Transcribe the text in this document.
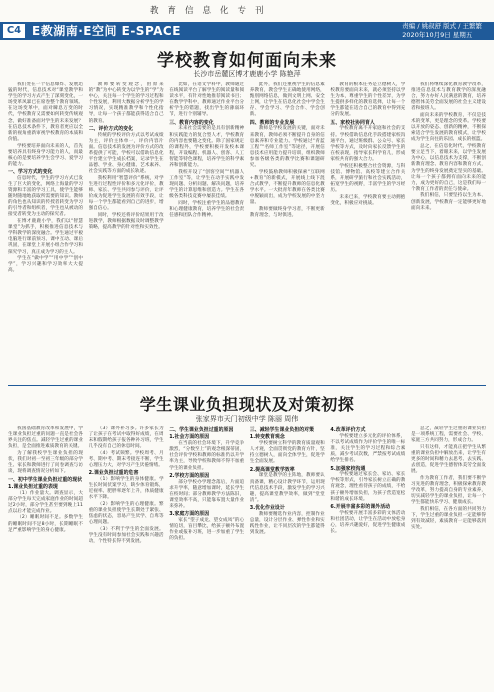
教育信息化专刊
C4 E教湖南·E空间 E-SPACE	责编 / 姚叔舒 版式 / 王繁繁
2020年10月9日 星期五
学校教育如何面向未来
长沙市岳麓区博才鹿鹿小学 陈艳萍

我们处在一个信息爆炸、发展迅猛的时代，信息技术对“课堂教学和学生的学习方式产生了深刻变化，一场变革风暴已在席卷整个教育领域。在这场变革中，面对瞬息万变的时代，学校教育又需要如何转变传统观念，做好准备面对学生的未来发展？在信息技术条件下，教育者更应以全新的视角重新审视学校教育的本质和价值。

学校要培养面向未来的人，首先要培养具有终身学习能力的人，而最核心的是要培养学生会学习、爱学习的能力。

一、学习方式的变化

信息时代，学生的学习方式已发生了巨大的变化，网络上海量的学习资源和丰富的学习工具，使学生能够随时随地地获取所需要的知识。教师的角色也从知识的传授者转变为学习的引导者和组织者，学生也从被动的接受者转变为主动的探究者。

在博才鹿鹿小学，我们以“智慧课堂”为抓手，积极推进信息技术与学科教学的深度融合。学生通过平板电脑进行课前预习、课中互动、课后巩固，在课堂上开展小组合作学习和探究学习，真正成为学习的主人。

学生在“做中学”“用中学”“创中学”，学习兴趣和学习效率大大提高。

教师要转变观念，由原来的“教”为中心转变为以学生的“学”为中心，关注每一个学生的学习过程和个性发展，利用大数据分析学生的学习情况，实现精准教学和个性化指导，让每一个孩子都能获得适合自己的教育。

二、评价方式的变化

传统的学校评价方式以考试成绩为主，评价主体单一，评价内容片面。信息技术的发展为评价方式的改革提供了可能，学校可以借助信息化平台建立学生成长档案，记录学生在品德、学业、身心健康、艺术素养、社会实践等方面的成长轨迹。

我校利用“智慧评价”系统，对学生进行过程性评价和多元化评价，教师、家长、学生共同参与评价，让评价成为促进学生发展的有效手段，让每一个学生都能看到自己的进步，增强自信心。

同时，学校还将评价结果用于改进教学，教师根据数据及时调整教学策略，提高教学的针对性和实效性。

比如，在语文学科中，教师通过在线阅读平台了解学生的阅读量和阅读水平，有针对性地推荐阅读书目；在数学学科中，教师通过作业平台分析学生的错题，找出学生的薄弱环节，进行个别辅导。

三、教育内容的变化

未来社会需要的是具有创新精神和实践能力的复合型人才，学校教育的内容也要随之变化。除了国家规定的课程外，学校要积极开发校本课程，开设编程、机器人、创客、人工智能等特色课程，培养学生的科学素养和创新能力。

我校开设了“创客空间”“机器人工作室”等，让学生在动手实践中发现问题、分析问题、解决问题，培养学生的计算思维和创造力。学生在各级各类科技竞赛中屡获佳绩。

同时，学校注重学生的品德教育和心理健康教育，培养学生的社会责任感和团队合作精神。

此外，我们还重视学生的信息素养教育，教会学生正确地使用网络，甄别网络信息，做到文明上网、安全上网，让学生在信息化社会中学会生存、学会学习、学会合作、学会创新。

四、教师的专业发展

教师是学校发展的关键，面对未来教育，教师必须不断提升自身的信息素养和专业能力。学校通过“青蓝工程”“名师工作室”等途径，开展信息技术应用能力提升培训，组织教师参加各级各类的教学比赛和课题研究。

学校鼓励教师积极探索“互联网+教育”的新模式，开展线上线下混合式教学，不断提升教师的信息化教学水平。一大批青年教师在各类比赛中脱颖而出，成为学校发展的中坚力量。

教师要做终身学习者，不断更新教育理念，与时俱进。

教育的根本任务是立德树人，学校教育要面向未来，就必须坚持以学生为本，尊重学生的个性差异，为学生提供多样化的教育选择，让每一个学生都能在适合自己的教育中得到充分的发展。

五、家校社协同育人

学校教育离不开家庭和社会的支持。学校借助信息化手段搭建家校沟通平台，通过班级群、公众号、家长学校等方式，及时向家长反馈学生的在校表现，指导家长科学育儿，形成家校共育的强大合力。

学校还积极整合社会资源，与科技馆、博物馆、高校等建立合作关系，开展研学旅行和社会实践活动，拓宽学生的视野，丰富学生的学习经历。

未来已来，学校教育要主动拥抱变化，积极应对挑战。

我们将继续深化教育教学改革，推进信息技术与教育教学的深度融合，努力办好人民满意的教育，培养德智体美劳全面发展的社会主义建设者和接班人。

面向未来的学校教育，不仅是技术的变革，更是理念的变革。学校要以开放的姿态、创新的精神，不断探索适合学生发展的教育模式，让学校成为学生向往的乐园、成长的摇篮。

总之，在信息化时代，学校教育要立足当下，着眼未来，以学生发展为中心，以信息技术为支撑，不断创新教育理念、教育内容和教育方式，为学生的终身发展奠定坚实的基础。让每一个孩子都拥有面向未来的能力，成为更好的自己，这是我们每一个教育工作者的责任与使命。

我们相信，只要坚持以生为本、创新发展，学校教育一定能够更好地面向未来。

学生课业负担现状及对策初探
张家界市天门初级中学 陈丽 周伟

我国基础教育改革和发展中，学生课业负担过重的问题一直是社会各界关注的焦点。减轻学生过重的课业负担，是全面推进素质教育的关键。

为了解我校学生课业负担的现状，我们对初一至初三年级的部分学生、家长和教师进行了问卷调查与访谈，现将调查情况分析如下。

一、初中学生课业负担过重的现状
1.课业负担过重的表现

（1）作业量大。调查显示，大部分学生每天完成家庭作业的时间超过2小时，部分学生甚至要到晚上11点以后才能完成作业。

（2）睡眠时间不足。多数学生的睡眠时间不足8小时，长期睡眠不足严重影响学生的身心健康。

（3）课外补习多。许多家长为了让孩子在考试中取得好成绩，在周末和假期给孩子报各种补习班，学生几乎没有自己的休息时间。

（4）考试频繁。学校周考、月考、期中考、期末考接连不断，学生心理压力大，对学习产生厌倦情绪。

2.课业负担过重的危害

（1）影响学生的身体健康。学生长时间伏案学习，缺少体育锻炼，近视率、肥胖率逐年上升，体质健康水平下降。

（2）影响学生的心理健康。繁重的课业负担使学生长期处于紧张、焦虑的状态，容易产生厌学、自卑等心理问题。

（3）不利于学生的全面发展。学生没有时间参加社会实践和兴趣活动，个性特长得不到发展。

二、学生课业负担过重的原因
1.社会方面的原因

在当前的社会环境下，升学竞争激烈，“分数至上”的观念根深蒂固，社会评价学校和教师的标准仍以升学率为主，导致学校和教师不得不加重学生的课业负担。

2.学校方面的原因

部分学校办学理念落后，片面追求升学率，随意增加课时，延长学生在校时间；部分教师教学方法陈旧，课堂效率不高，只能靠布置大量作业来弥补。

3.家庭方面的原因

家长“望子成龙、望女成凤”的心情迫切，盲目攀比，给孩子额外布置作业或报补习班，进一步加重了学生的负担。

三、减轻学生课业负担的对策
1.转变教育观念

学校要树立科学的教育质量观和人才观，全面贯彻党的教育方针，坚持立德树人，面向全体学生，促进学生全面发展。

2.提高课堂教学效率

课堂是教学的主阵地，教师要认真备课，精心设计教学环节，运用现代信息技术手段，激发学生的学习兴趣，提高课堂教学效率，做到“堂堂清”。

3.优化作业设计

教师要精选作业内容，控制作业总量，设计分层作业、弹性作业和实践性作业，让不同层次的学生都能得到发展。

4.改革评价方式

学校要建立多元化的评价体系，不以考试成绩作为评价学生的唯一标准，关注学生的学习过程和综合素质，减少考试次数，严禁按考试成绩给学生排名。

5.加强家校沟通

学校要通过家长会、家访、家长学校等形式，引导家长树立正确的教育观念，理性看待孩子的成绩，不给孩子额外增加负担，为孩子营造宽松和谐的成长环境。

6.开展丰富多彩的课外活动

学校要开展丰富多彩的文体活动和社团活动，让学生在活动中放松身心，培养兴趣爱好，促进学生健康成长。

总之，减轻学生过重的课业负担是一项系统工程，需要社会、学校、家庭三方共同努力，形成合力。

只有这样，才能真正把学生从繁重的课业负担中解放出来，让学生有更多的时间和精力去思考、去实践、去创造，促进学生德智体美劳全面发展。

作为教育工作者，我们要不断学习先进的教育理念，积极探索教育教学改革，努力提高自身的专业素养，切实减轻学生的课业负担，让每一个学生都能快乐学习、健康成长。

我们相信，在各方面的共同努力下，学生过重的课业负担一定能够得到有效减轻，素质教育一定能够落到实处。
